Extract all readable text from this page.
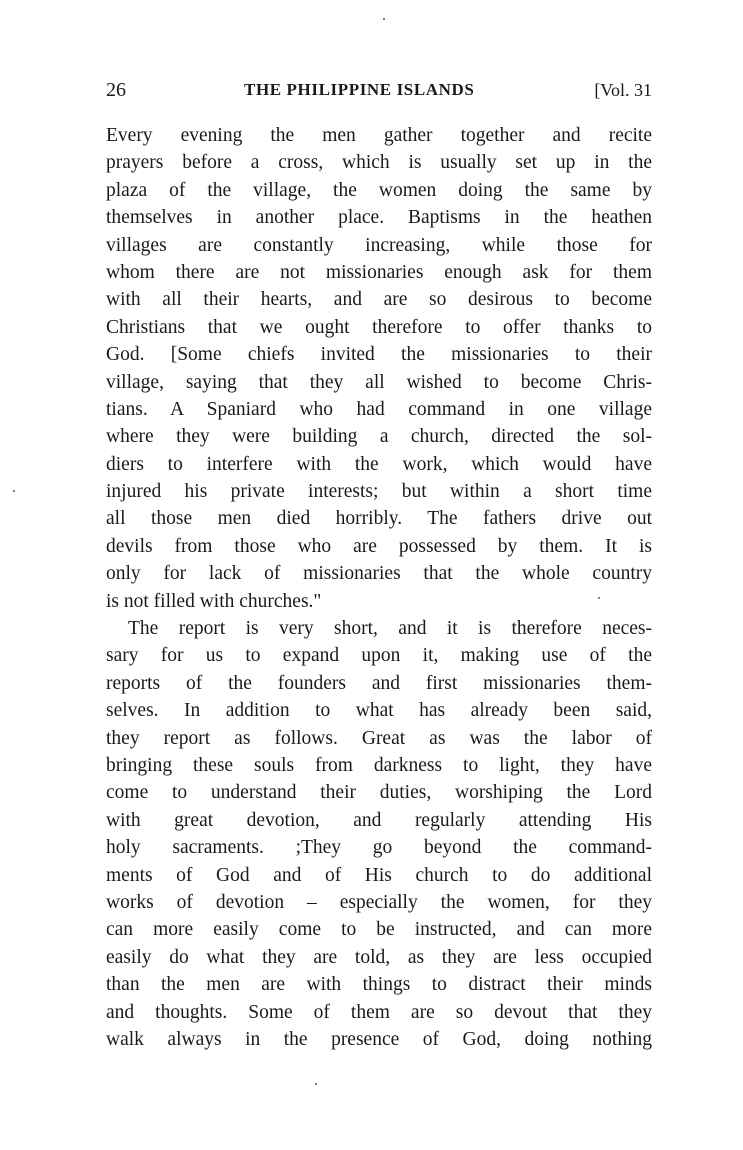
26	THE PHILIPPINE ISLANDS	[Vol. 31
Every evening the men gather together and recite
prayers before a cross, which is usually set up in the
plaza of the village, the women doing the same by
themselves in another place. Baptisms in the heathen
villages are constantly increasing, while those for
whom there are not missionaries enough ask for them
with all their hearts, and are so desirous to become
Christians that we ought therefore to offer thanks to
God. [Some chiefs invited the missionaries to their
village, saying that they all wished to become Chris-
tians. A Spaniard who had command in one village
where they were building a church, directed the sol-
diers to interfere with the work, which would have
injured his private interests; but within a short time
all those men died horribly. The fathers drive out
devils from those who are possessed by them. It is
only for lack of missionaries that the whole country
is not filled with churches."
The report is very short, and it is therefore neces-
sary for us to expand upon it, making use of the
reports of the founders and first missionaries them-
selves. In addition to what has already been said,
they report as follows. Great as was the labor of
bringing these souls from darkness to light, they have
come to understand their duties, worshiping the Lord
with great devotion, and regularly attending His
holy sacraments. ;They go beyond the command-
ments of God and of His church to do additional
works of devotion – especially the women, for they
can more easily come to be instructed, and can more
easily do what they are told, as they are less occupied
than the men are with things to distract their minds
and thoughts. Some of them are so devout that they
walk always in the presence of God, doing nothing
